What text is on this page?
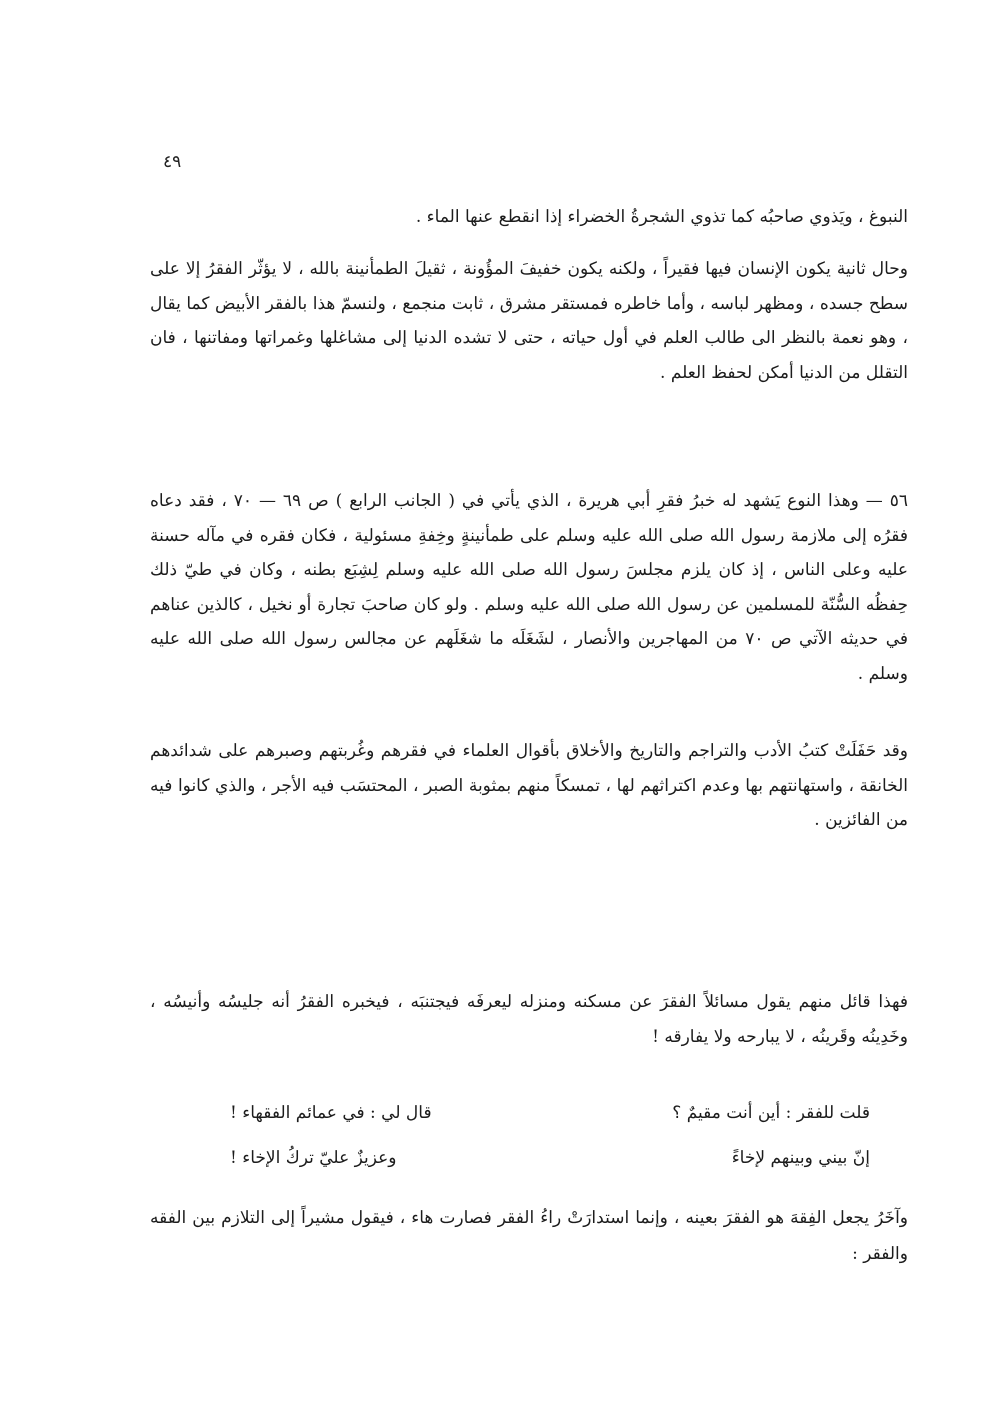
٤٩

النبوغ ، ويَذوي صاحبُه كما تذوي الشجرةُ الخضراء إذا انقطع عنها الماء .

وحال ثانية يكون الإنسان فيها فقيراً ، ولكنه يكون خفيفَ المؤُونة ، ثقيلَ الطمأنينة بالله ، لا يؤثّر الفقرُ إلا على سطح جسده ، ومظهر لباسه ، وأما خاطره فمستقر مشرق ، ثابت منجمع ، ولنسمّ هذا بالفقر الأبيض كما يقال ، وهو نعمة بالنظر الى طالب العلم في أول حياته ، حتى لا تشده الدنيا إلى مشاغلها وغمراتها ومفاتنها ، فان التقلل من الدنيا أمكن لحفظ العلم .

٥٦ — وهذا النوع يَشهد له خبرُ فقرِ أبي هريرة ، الذي يأتي في ( الجانب الرابع ) ص ٦٩ — ٧٠ ، فقد دعاه فقرُه إلى ملازمة رسول الله صلى الله عليه وسلم على طمأنينةٍ وخِفةِ مسئولية ، فكان فقره في مآله حسنة عليه وعلى الناس ، إذ كان يلزم مجلسَ رسول الله صلى الله عليه وسلم لِشِبَع بطنه ، وكان في طيّ ذلك حِفظُه السُّنّة للمسلمين عن رسول الله صلى الله عليه وسلم . ولو كان صاحبَ تجارة أو نخيل ، كالذين عناهم في حديثه الآتي ص ٧٠ من المهاجرين والأنصار ، لشَغَلَه ما شغَلَهم عن مجالس رسول الله صلى الله عليه وسلم .

وقد حَفَلَتْ كتبُ الأدب والتراجم والتاريخ والأخلاق بأقوال العلماء في فقرهم وغُربتهم وصبرهم على شدائدهم الخانقة ، واستهانتهم بها وعدم اكتراثهم لها ، تمسكاً منهم بمثوبة الصبر ، المحتسَب فيه الأجر ، والذي كانوا فيه من الفائزين .

فهذا قائل منهم يقول مسائلاً الفقرَ عن مسكنه ومنزله ليعرفَه فيجتنبَه ، فيخبره الفقرُ أنه جليسُه وأنيسُه ، وخَدِينُه وقَرينُه ، لا يبارحه ولا يفارقه !

قلت للفقر : أين أنت مقيمٌ ؟
قال لي : في عمائم الفقهاء !
إنّ بيني وبينهم لإخاءً
وعزيزٌ عليّ تركُ الإخاء !

وآخَرُ يجعل الفِقهَ هو الفقرَ بعينه ، وإنما استدارَتْ راءُ الفقر فصارت هاء ، فيقول مشيراً إلى التلازم بين الفقه والفقر :
